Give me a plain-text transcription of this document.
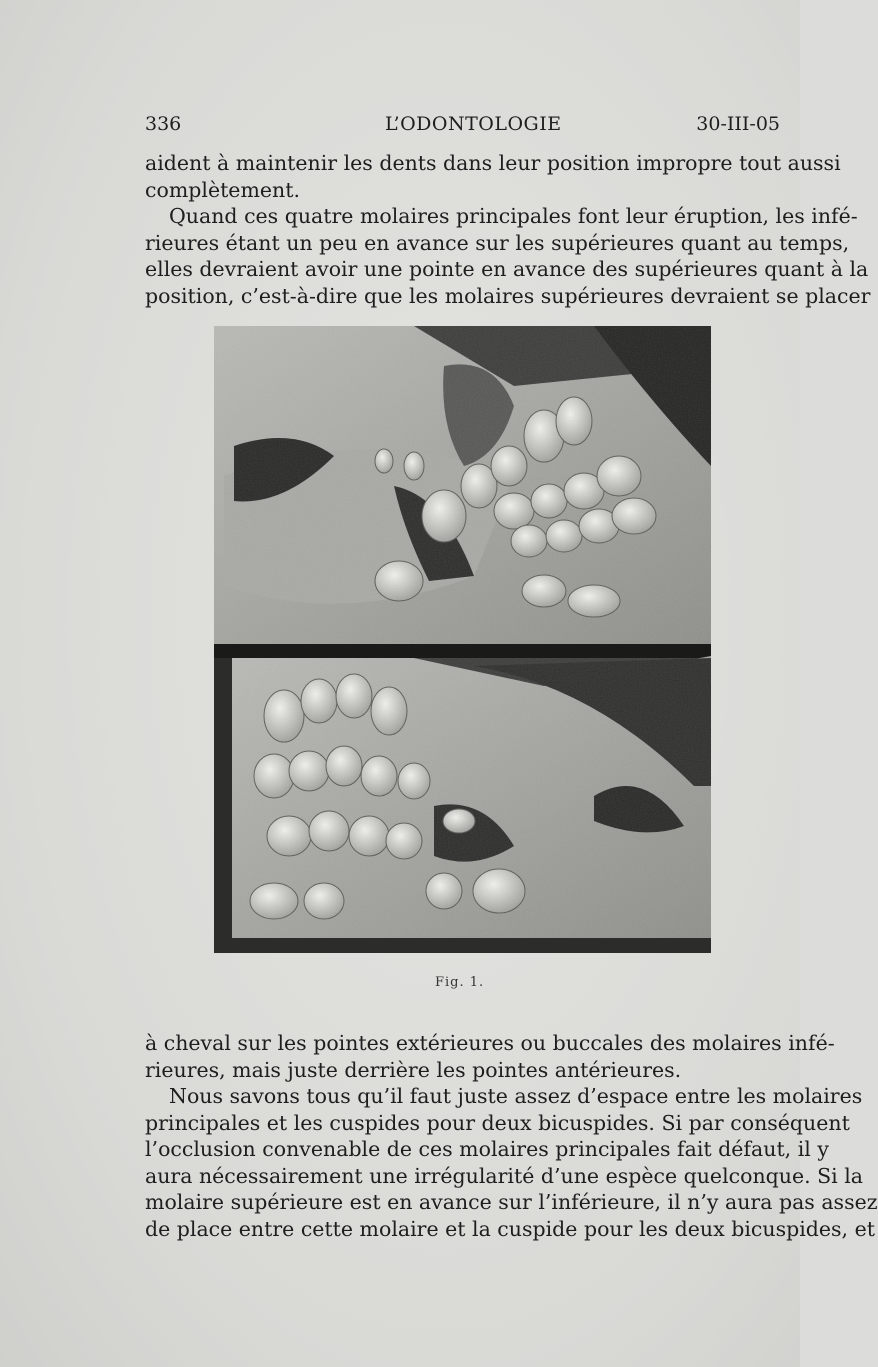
336	L’ODONTOLOGIE	30-III-05

aident à maintenir les dents dans leur position impropre tout aussi
complètement.

Quand ces quatre molaires principales font leur éruption, les infé-
rieures étant un peu en avance sur les supérieures quant au temps,
elles devraient avoir une pointe en avance des supérieures quant à la
position, c’est-à-dire que les molaires supérieures devraient se placer

Fig. 1.

à cheval sur les pointes extérieures ou buccales des molaires infé-
rieures, mais juste derrière les pointes antérieures.

Nous savons tous qu’il faut juste assez d’espace entre les molaires
principales et les cuspides pour deux bicuspides. Si par conséquent
l’occlusion convenable de ces molaires principales fait défaut, il y
aura nécessairement une irrégularité d’une espèce quelconque. Si la
molaire supérieure est en avance sur l’inférieure, il n’y aura pas assez
de place entre cette molaire et la cuspide pour les deux bicuspides, et
